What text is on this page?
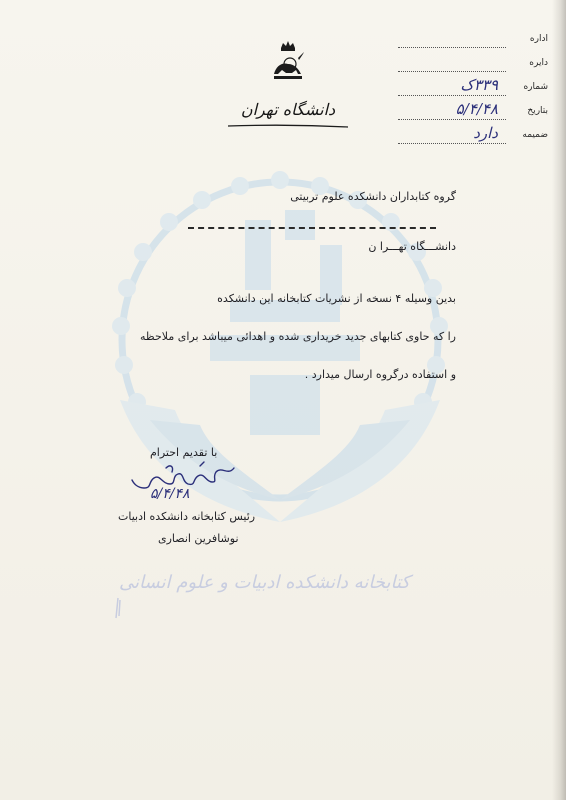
دانشگاه تهران
اداره
دایره
شماره
۳۳۹ک
بتاریخ
۵/۴/۴۸
ضمیمه
دارد
گروه کتابداران دانشکده علوم تربیتی
دانشـــگاه تهـــرا ن
بدین وسیله ۴ نسخه از نشریات کتابخانه این دانشکده
را که حاوی کتابهای جدید خریداری شده و اهدائی میباشد برای ملاحظه
و استفاده درگروه ارسال میدارد .
با تقدیم احترام
۵/۴/۴۸
رئیس کتابخانه دانشکده ادبیات
نوشافرین انصاری
کتابخانه دانشکده ادبیات و علوم انسانی
